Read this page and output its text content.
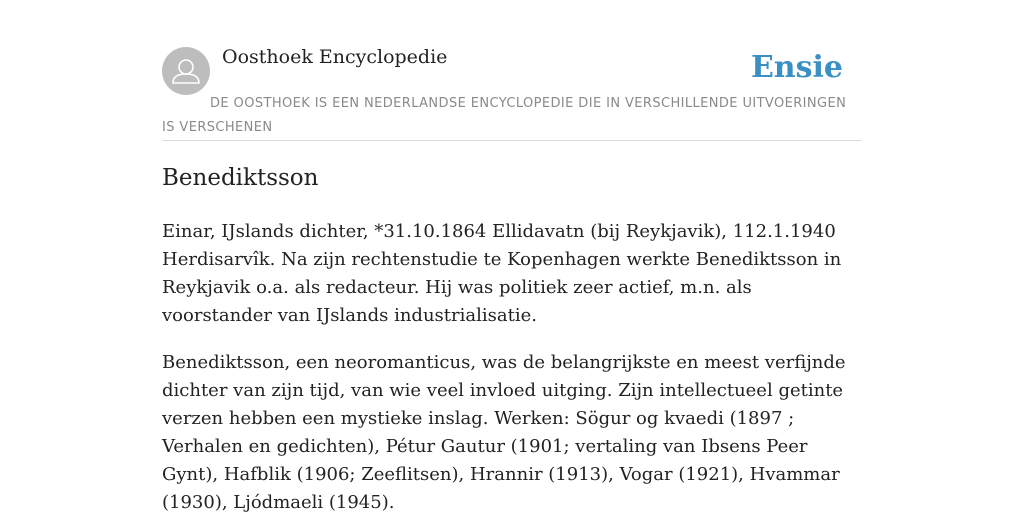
Oosthoek Encyclopedie	Ensie
DE OOSTHOEK IS EEN NEDERLANDSE ENCYCLOPEDIE DIE IN VERSCHILLENDE UITVOERINGEN IS VERSCHENEN
Benediktsson

Einar, IJslands dichter, *31.10.1864 Ellidavatn (bij Reykjavik), 112.1.1940 Herdisarvîk. Na zijn rechtenstudie te Kopenhagen werkte Benediktsson in Reykjavik o.a. als redacteur. Hij was politiek zeer actief, m.n. als voorstander van IJslands industrialisatie.

Benediktsson, een neoromanticus, was de belangrijkste en meest verfijnde dichter van zijn tijd, van wie veel invloed uitging. Zijn intellectueel getinte verzen hebben een mystieke inslag. Werken: Sögur og kvaedi (1897 ; Verhalen en gedichten), Pétur Gautur (1901; vertaling van Ibsens Peer Gynt), Hafblik (1906; Zeeflitsen), Hrannir (1913), Vogar (1921), Hvammar (1930), Ljódmaeli (1945).
